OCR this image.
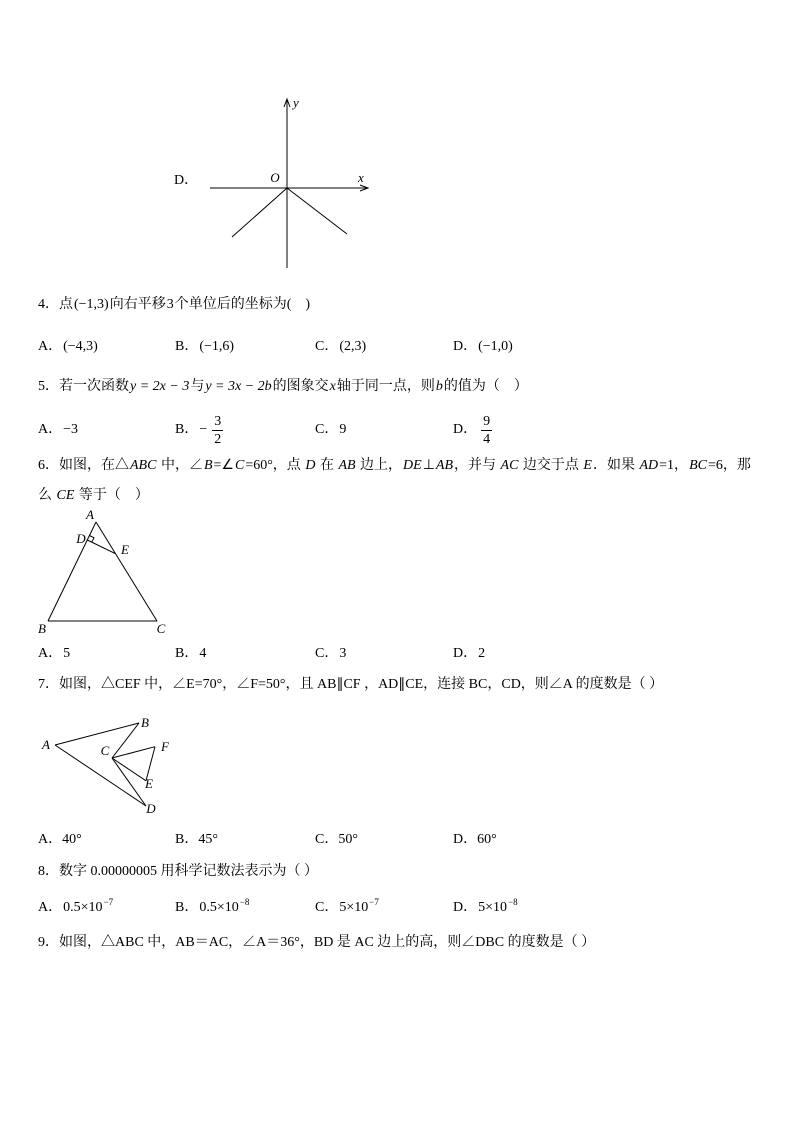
D．
y
x
O
4．点 (−1,3) 向右平移 3 个单位后的坐标为(    )
A． (−4,3)	B． (−1,6)	C． (2,3)	D． (−1,0)
5．若一次函数 y = 2x − 3 与 y = 3x − 2b 的图象交 x 轴于同一点，则 b 的值为（    ）
A． −3	B． − $\frac{3}{2}$	C． 9	D． $\frac{9}{4}$
6．如图，在△ ABC 中，∠ B =∠ C =60°，点 D 在 AB 边上， DE ⊥ AB ，并与 AC 边交于点 E ．如果 AD =1， BC =6，那
么 CE 等于（    ）
A
D
E
B	C
A． 5	B． 4	C． 3	D． 2
7．如图，△CEF 中，∠E=70°，∠F=50°，且 AB∥CF ，AD∥CE，连接 BC，CD，则∠A 的度数是（ ）
A
B
C	F
E
D
A． 40°	B． 45°	C． 50°	D． 60°
8．数字 0.00000005 用科学记数法表示为（ ）
A． 0.5×10 −7	B． 0.5×10 −8	C． 5×10 −7	D． 5×10 −8
9．如图，△ABC 中，AB＝AC，∠A＝36°，BD 是 AC 边上的高，则∠DBC 的度数是（ ）
